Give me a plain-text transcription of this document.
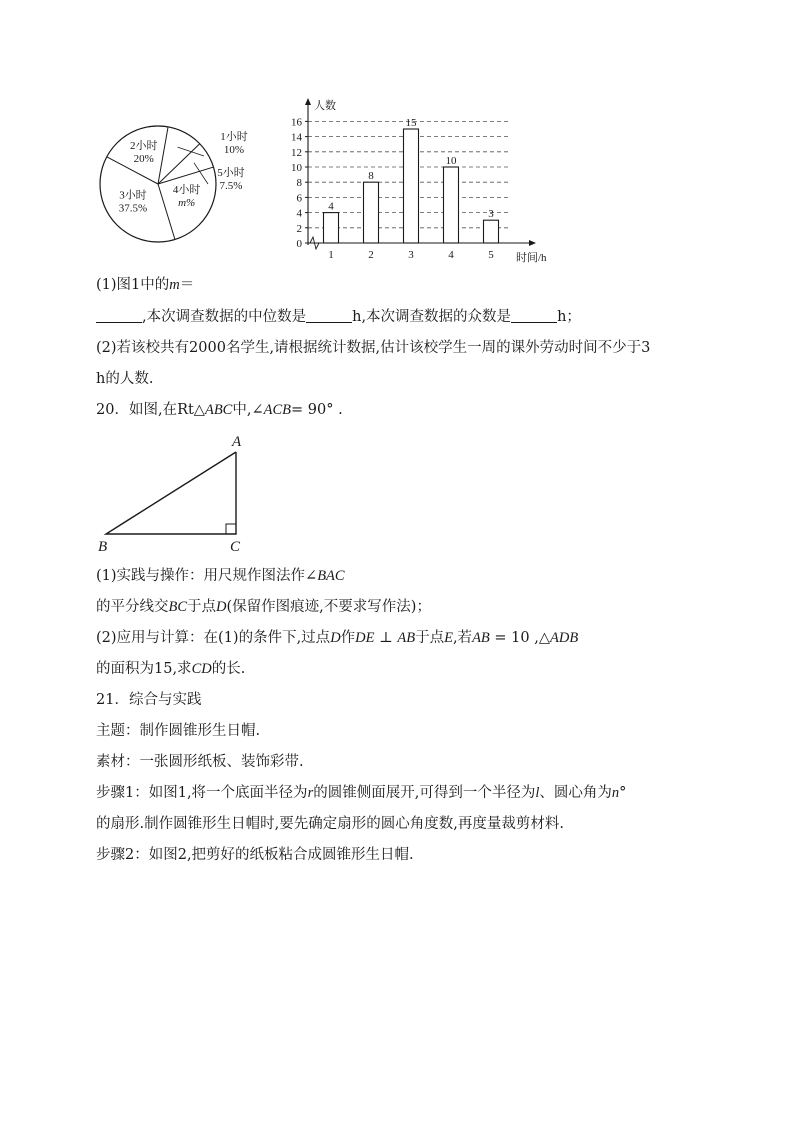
1小时
10%
5小时
7.5%
4小时
m%
3小时
37.5%
2小时
20%
0
2
4
6
8
10
12
14
16
人数
时间/h
4
1
8
2
15
3
10
4
3
5
(1)图1中的m＝
,本次调查数据的中位数是	h,本次调查数据的众数是	h；
(2)若该校共有2000名学生,请根据统计数据,估计该校学生一周的课外劳动时间不少于3
h的人数.
20．如图,在Rt△ABC中,∠ACB= 90° .
A
B	C
(1)实践与操作：用尺规作图法作∠BAC
的平分线交BC于点D(保留作图痕迹,不要求写作法)；
(2)应用与计算：在(1)的条件下,过点D作DE ⊥ AB于点E,若AB = 10 ,△ADB
的面积为15,求CD的长.
21．综合与实践
主题：制作圆锥形生日帽.
素材：一张圆形纸板、装饰彩带.
步骤1：如图1,将一个底面半径为r的圆锥侧面展开,可得到一个半径为l、圆心角为n°
的扇形.制作圆锥形生日帽时,要先确定扇形的圆心角度数,再度量裁剪材料.
步骤2：如图2,把剪好的纸板粘合成圆锥形生日帽.
